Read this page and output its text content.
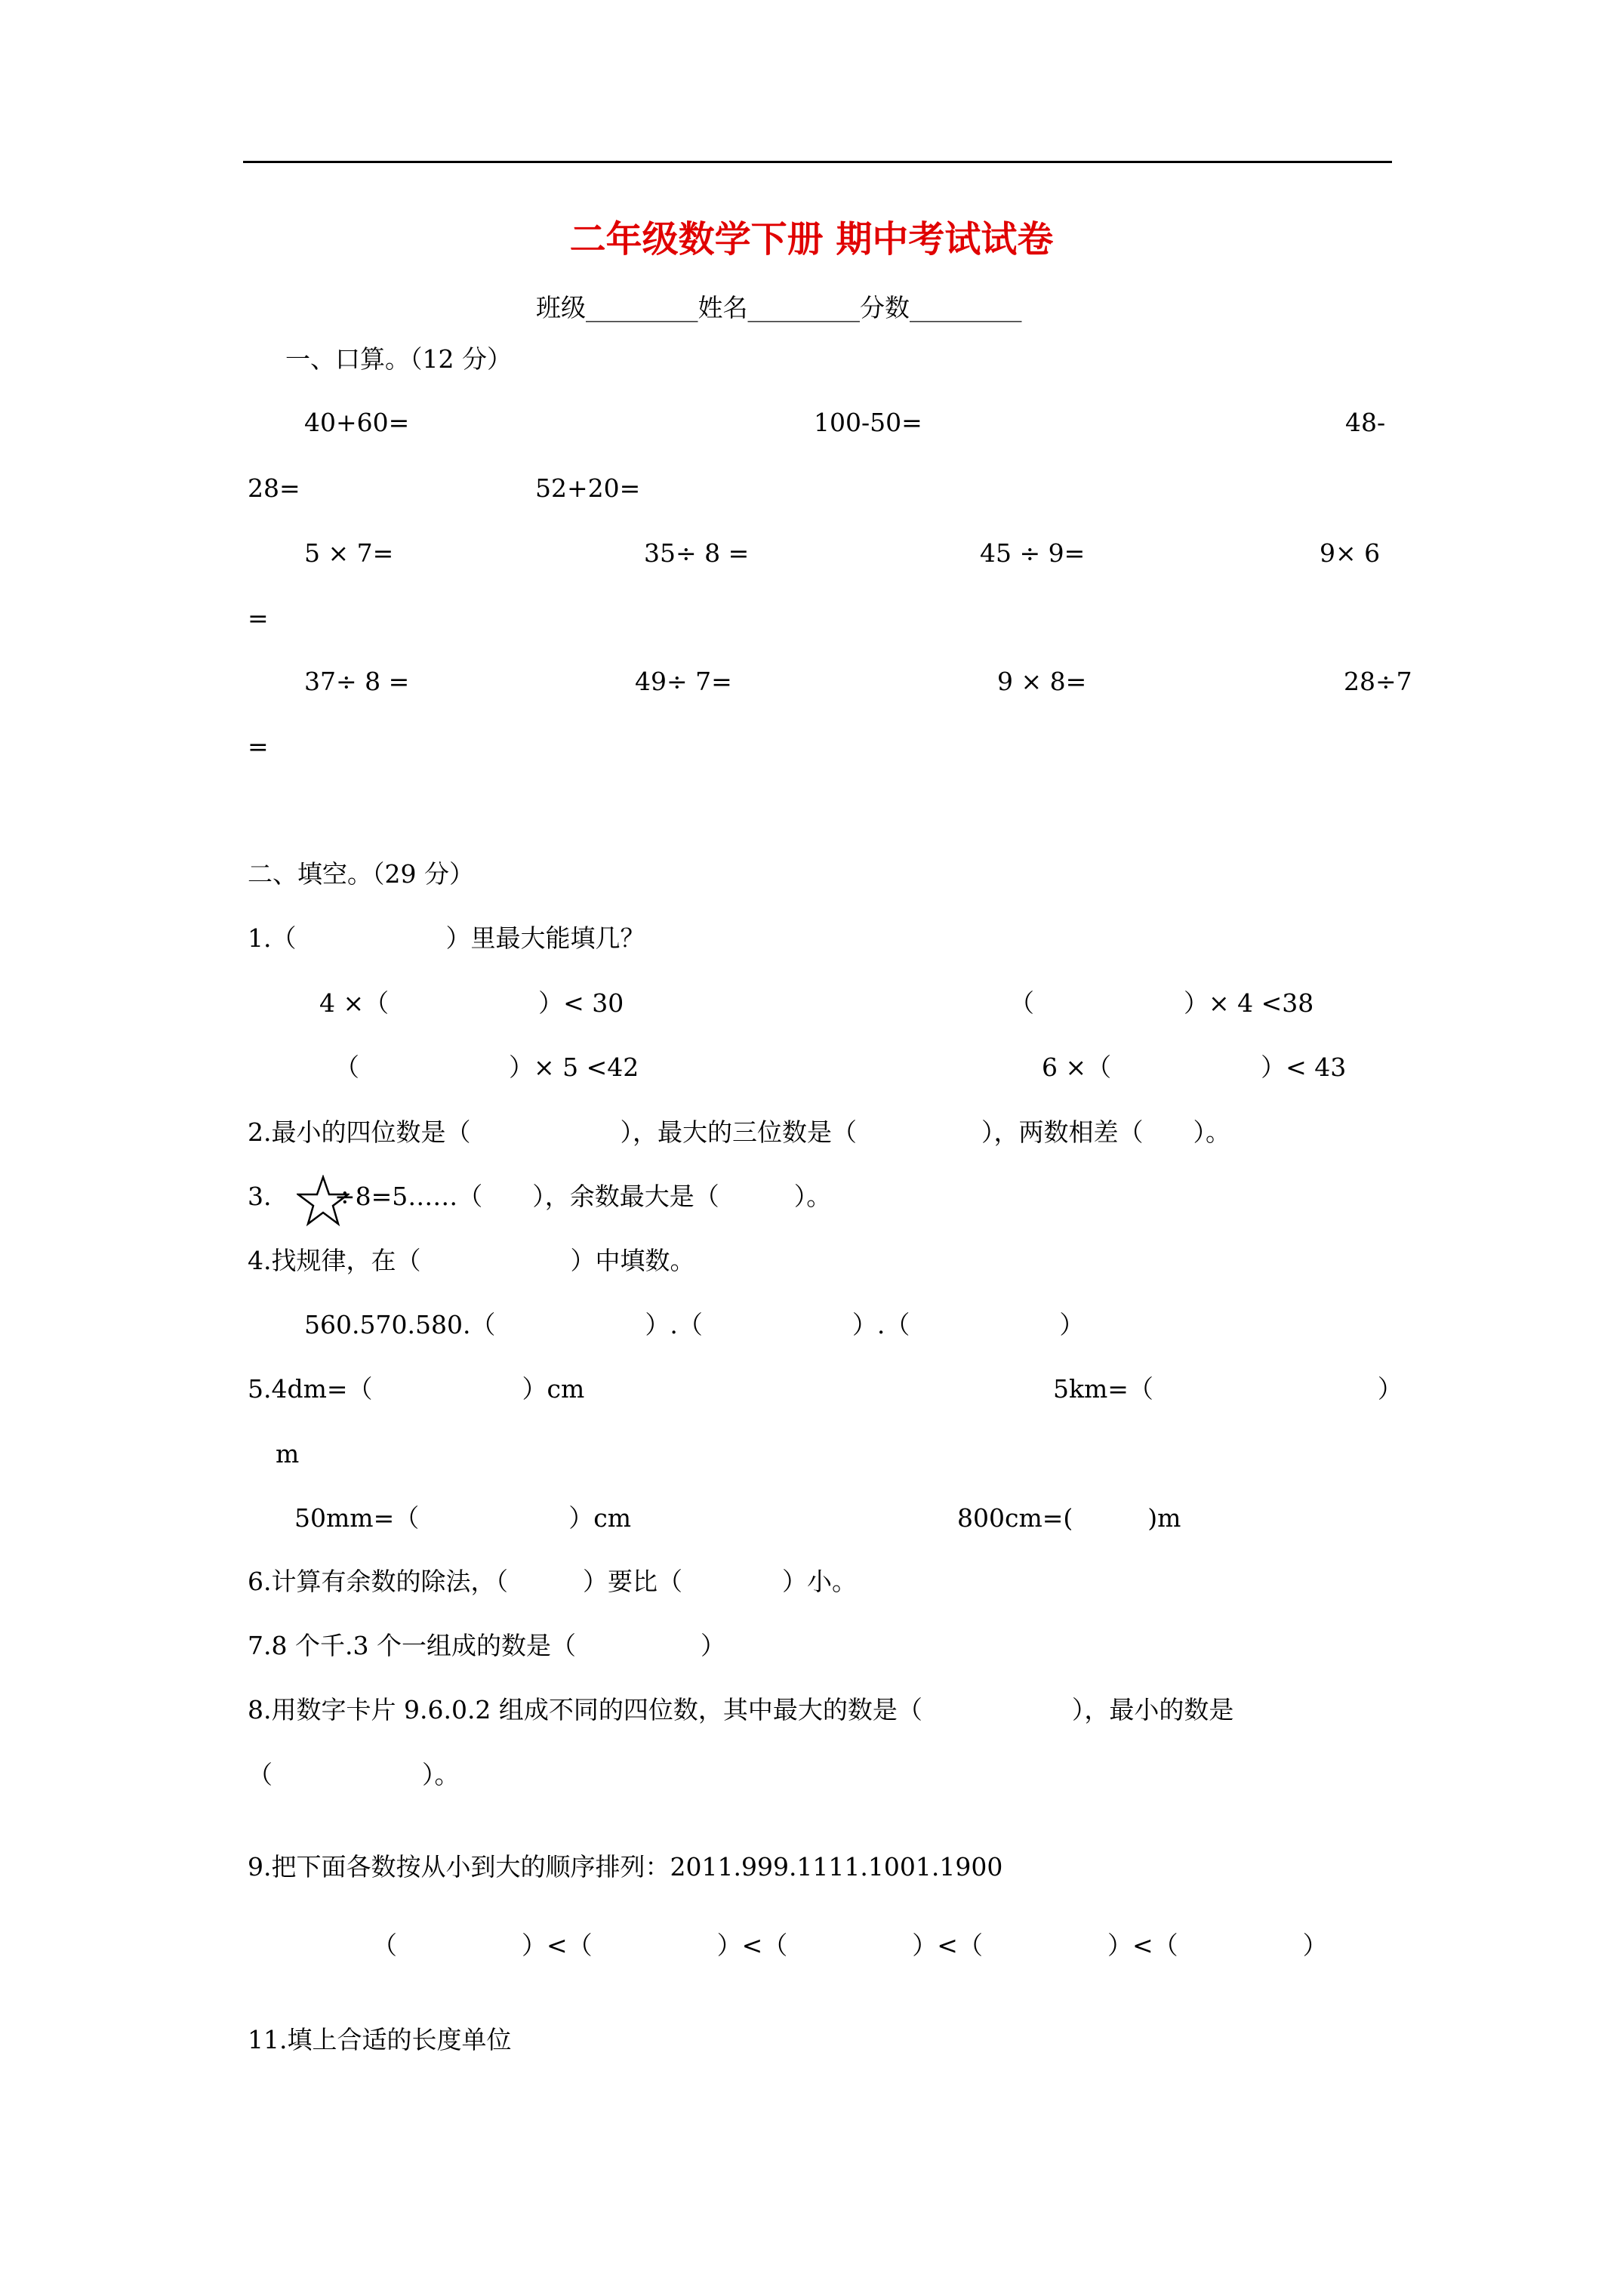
二年级数学下册 期中考试试卷
班级_________姓名_________分数_________
一、口算。（12 分）
40+60=	100-50=	48-
28=	52+20=
5 × 7=	35÷ 8 =	45 ÷ 9=	9× 6
=
37÷ 8 =	49÷ 7=	9 × 8=	28÷7
=
二、填空。（29 分）
1.（　　　　　　）里最大能填几？
4 ×（　　　　　　）< 30	（　　　　　　）× 4 <38
（　　　　　　）× 5 <42	6 ×（　　　　　　）< 43
2.最小的四位数是（　　　　　　），最大的三位数是（　　　　　），两数相差（　　）。
3.	÷8=5……（　　），余数最大是（　　　）。
4.找规律，在（　　　　　　）中填数。
560.570.580.（　　　　　　）.（　　　　　　）.（　　　　　　）
5.4dm=（　　　　　　）cm	5km=（　　　　　　　　　）
m
50mm=（　　　　　　）cm	800cm=(　　　)m
6.计算有余数的除法，（　　　）要比（　　　　）小。
7.8 个千.3 个一组成的数是（　　　　　）
8.用数字卡片 9.6.0.2 组成不同的四位数，其中最大的数是（　　　　　　），最小的数是
（　　　　　　）。
9.把下面各数按从小到大的顺序排列：2011.999.1111.1001.1900
（　　　　　）<（　　　　　）<（　　　　　）<（　　　　　）<（　　　　　）
11.填上合适的长度单位
